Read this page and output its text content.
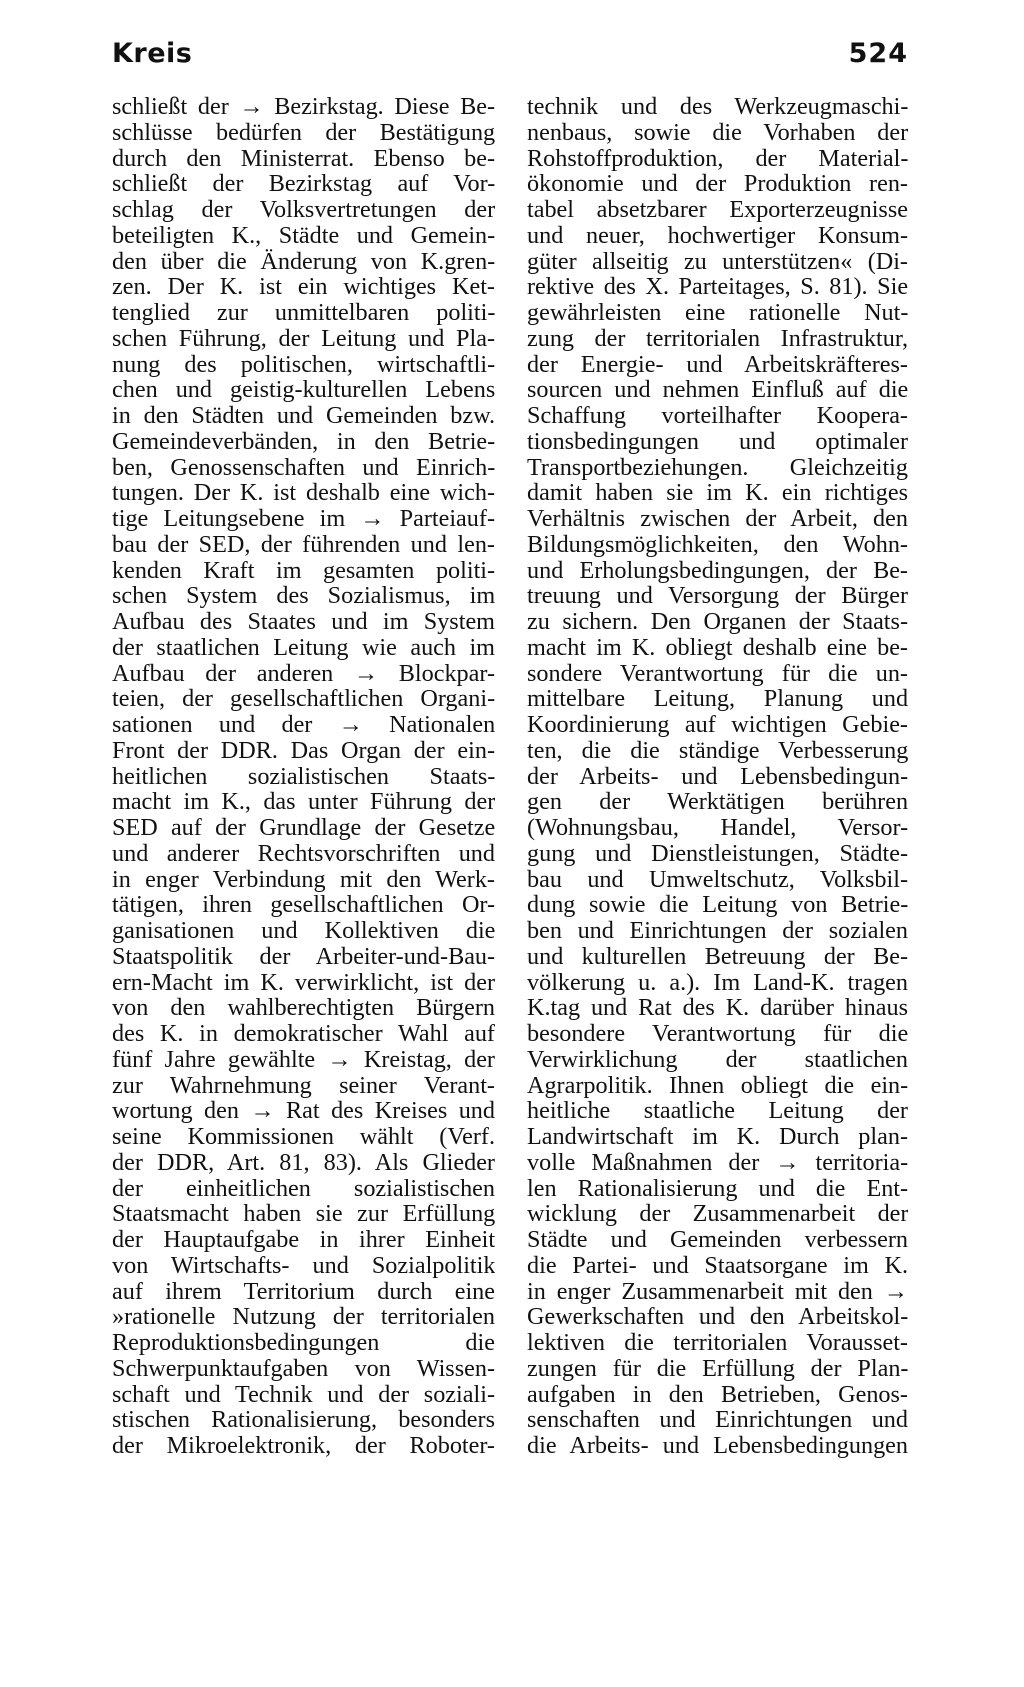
Kreis	524
schließt der → Bezirkstag. Diese Be-
schlüsse bedürfen der Bestätigung
durch den Ministerrat. Ebenso be-
schließt der Bezirkstag auf Vor-
schlag der Volksvertretungen der
beteiligten K., Städte und Gemein-
den über die Änderung von K.gren-
zen. Der K. ist ein wichtiges Ket-
tenglied zur unmittelbaren politi-
schen Führung, der Leitung und Pla-
nung des politischen, wirtschaftli-
chen und geistig-kulturellen Lebens
in den Städten und Gemeinden bzw.
Gemeindeverbänden, in den Betrie-
ben, Genossenschaften und Einrich-
tungen. Der K. ist deshalb eine wich-
tige Leitungsebene im → Parteiauf-
bau der SED, der führenden und len-
kenden Kraft im gesamten politi-
schen System des Sozialismus, im
Aufbau des Staates und im System
der staatlichen Leitung wie auch im
Aufbau der anderen → Blockpar-
teien, der gesellschaftlichen Organi-
sationen und der → Nationalen
Front der DDR. Das Organ der ein-
heitlichen sozialistischen Staats-
macht im K., das unter Führung der
SED auf der Grundlage der Gesetze
und anderer Rechtsvorschriften und
in enger Verbindung mit den Werk-
tätigen, ihren gesellschaftlichen Or-
ganisationen und Kollektiven die
Staatspolitik der Arbeiter-und-Bau-
ern-Macht im K. verwirklicht, ist der
von den wahlberechtigten Bürgern
des K. in demokratischer Wahl auf
fünf Jahre gewählte → Kreistag, der
zur Wahrnehmung seiner Verant-
wortung den → Rat des Kreises und
seine Kommissionen wählt (Verf.
der DDR, Art. 81, 83). Als Glieder
der einheitlichen sozialistischen
Staatsmacht haben sie zur Erfüllung
der Hauptaufgabe in ihrer Einheit
von Wirtschafts- und Sozialpolitik
auf ihrem Territorium durch eine
»rationelle Nutzung der territorialen
Reproduktionsbedingungen die
Schwerpunktaufgaben von Wissen-
schaft und Technik und der soziali-
stischen Rationalisierung, besonders
der Mikroelektronik, der Roboter-
technik und des Werkzeugmaschi-
nenbaus, sowie die Vorhaben der
Rohstoffproduktion, der Material-
ökonomie und der Produktion ren-
tabel absetzbarer Exporterzeugnisse
und neuer, hochwertiger Konsum-
güter allseitig zu unterstützen« (Di-
rektive des X. Parteitages, S. 81). Sie
gewährleisten eine rationelle Nut-
zung der territorialen Infrastruktur,
der Energie- und Arbeitskräfteres-
sourcen und nehmen Einfluß auf die
Schaffung vorteilhafter Koopera-
tionsbedingungen und optimaler
Transportbeziehungen. Gleichzeitig
damit haben sie im K. ein richtiges
Verhältnis zwischen der Arbeit, den
Bildungsmöglichkeiten, den Wohn-
und Erholungsbedingungen, der Be-
treuung und Versorgung der Bürger
zu sichern. Den Organen der Staats-
macht im K. obliegt deshalb eine be-
sondere Verantwortung für die un-
mittelbare Leitung, Planung und
Koordinierung auf wichtigen Gebie-
ten, die die ständige Verbesserung
der Arbeits- und Lebensbedingun-
gen der Werktätigen berühren
(Wohnungsbau, Handel, Versor-
gung und Dienstleistungen, Städte-
bau und Umweltschutz, Volksbil-
dung sowie die Leitung von Betrie-
ben und Einrichtungen der sozialen
und kulturellen Betreuung der Be-
völkerung u. a.). Im Land-K. tragen
K.tag und Rat des K. darüber hinaus
besondere Verantwortung für die
Verwirklichung der staatlichen
Agrarpolitik. Ihnen obliegt die ein-
heitliche staatliche Leitung der
Landwirtschaft im K. Durch plan-
volle Maßnahmen der → territoria-
len Rationalisierung und die Ent-
wicklung der Zusammenarbeit der
Städte und Gemeinden verbessern
die Partei- und Staatsorgane im K.
in enger Zusammenarbeit mit den →
Gewerkschaften und den Arbeitskol-
lektiven die territorialen Vorausset-
zungen für die Erfüllung der Plan-
aufgaben in den Betrieben, Genos-
senschaften und Einrichtungen und
die Arbeits- und Lebensbedingungen
